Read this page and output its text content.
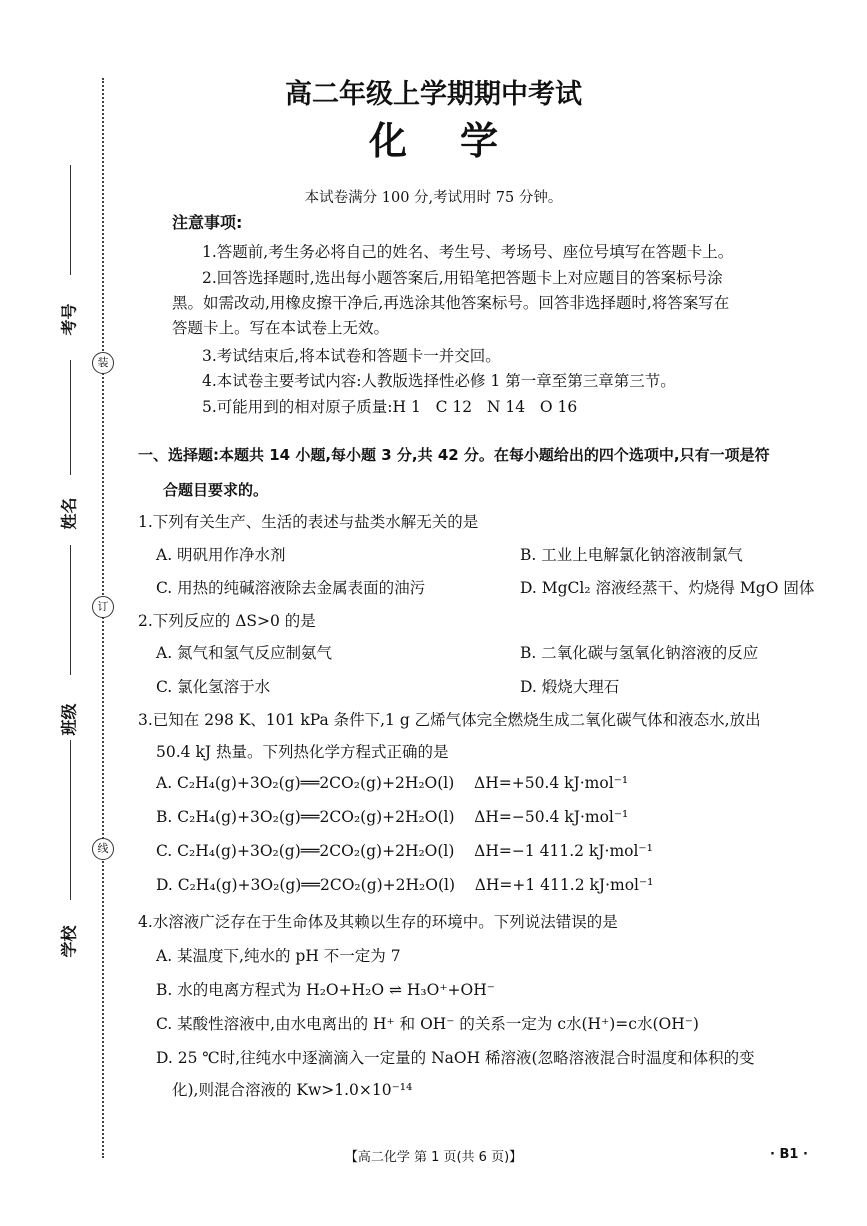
装
订
线
考号
姓名
班级
学校
高二年级上学期期中考试
化    学
本试卷满分 100 分,考试用时 75 分钟。
注意事项:
1.答题前,考生务必将自己的姓名、考生号、考场号、座位号填写在答题卡上。
2.回答选择题时,选出每小题答案后,用铅笔把答题卡上对应题目的答案标号涂
黑。如需改动,用橡皮擦干净后,再选涂其他答案标号。回答非选择题时,将答案写在
答题卡上。写在本试卷上无效。
3.考试结束后,将本试卷和答题卡一并交回。
4.本试卷主要考试内容:人教版选择性必修 1 第一章至第三章第三节。
5.可能用到的相对原子质量:H 1   C 12   N 14   O 16
一、选择题:本题共 14 小题,每小题 3 分,共 42 分。在每小题给出的四个选项中,只有一项是符
合题目要求的。
1.下列有关生产、生活的表述与盐类水解无关的是
A. 明矾用作净水剂	B. 工业上电解氯化钠溶液制氯气
C. 用热的纯碱溶液除去金属表面的油污	D. MgCl₂ 溶液经蒸干、灼烧得 MgO 固体
2.下列反应的 ΔS>0 的是
A. 氮气和氢气反应制氨气	B. 二氧化碳与氢氧化钠溶液的反应
C. 氯化氢溶于水	D. 煅烧大理石
3.已知在 298 K、101 kPa 条件下,1 g 乙烯气体完全燃烧生成二氧化碳气体和液态水,放出
50.4 kJ 热量。下列热化学方程式正确的是
A. C₂H₄(g)+3O₂(g)══2CO₂(g)+2H₂O(l)    ΔH=+50.4 kJ·mol⁻¹
B. C₂H₄(g)+3O₂(g)══2CO₂(g)+2H₂O(l)    ΔH=−50.4 kJ·mol⁻¹
C. C₂H₄(g)+3O₂(g)══2CO₂(g)+2H₂O(l)    ΔH=−1 411.2 kJ·mol⁻¹
D. C₂H₄(g)+3O₂(g)══2CO₂(g)+2H₂O(l)    ΔH=+1 411.2 kJ·mol⁻¹
4.水溶液广泛存在于生命体及其赖以生存的环境中。下列说法错误的是
A. 某温度下,纯水的 pH 不一定为 7
B. 水的电离方程式为 H₂O+H₂O ⇌ H₃O⁺+OH⁻
C. 某酸性溶液中,由水电离出的 H⁺ 和 OH⁻ 的关系一定为 c水(H⁺)=c水(OH⁻)
D. 25 ℃时,往纯水中逐滴滴入一定量的 NaOH 稀溶液(忽略溶液混合时温度和体积的变
化),则混合溶液的 Kw>1.0×10⁻¹⁴
【高二化学 第 1 页(共 6 页)】	· B1 ·
